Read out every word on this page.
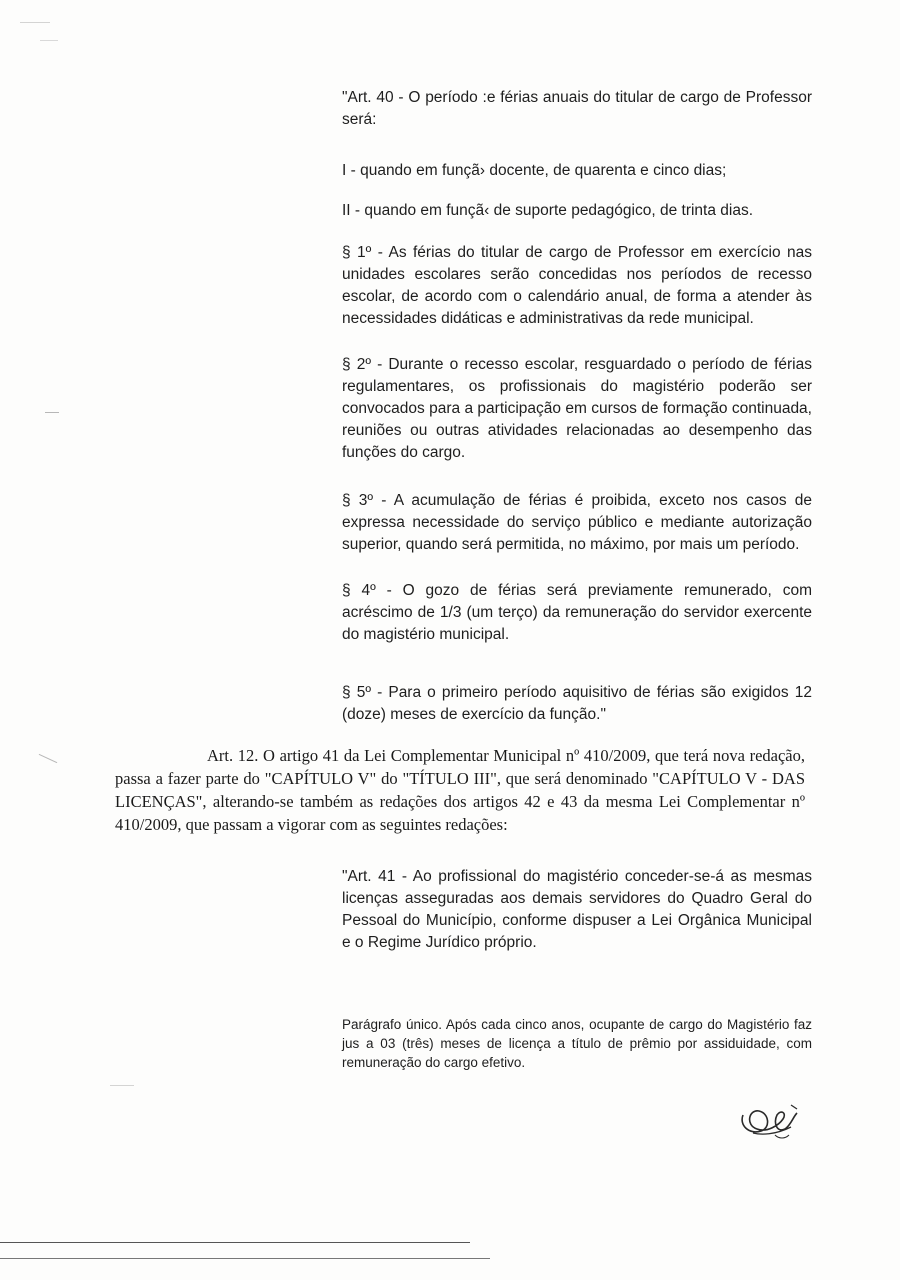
"Art. 40 - O período :e férias anuais do titular de cargo de Professor será:

I - quando em funçã› docente, de quarenta e cinco dias;

II - quando em funçã‹ de suporte pedagógico, de trinta dias.

§ 1º - As férias do titular de cargo de Professor em exercício nas unidades escolares serão concedidas nos períodos de recesso escolar, de acordo com o calendário anual, de forma a atender às necessidades didáticas e administrativas da rede municipal.

§ 2º - Durante o recesso escolar, resguardado o período de férias regulamentares, os profissionais do magistério poderão ser convocados para a participação em cursos de formação continuada, reuniões ou outras atividades relacionadas ao desempenho das funções do cargo.

§ 3º - A acumulação de férias é proibida, exceto nos casos de expressa necessidade do serviço público e mediante autorização superior, quando será permitida, no máximo, por mais um período.

§ 4º - O gozo de férias será previamente remunerado, com acréscimo de 1/3 (um terço) da remuneração do servidor exercente do magistério municipal.

§ 5º - Para o primeiro período aquisitivo de férias são exigidos 12 (doze) meses de exercício da função."

Art. 12. O artigo 41 da Lei Complementar Municipal nº 410/2009, que terá nova redação, passa a fazer parte do "CAPÍTULO V" do "TÍTULO III", que será denominado "CAPÍTULO V - DAS LICENÇAS", alterando-se também as redações dos artigos 42 e 43 da mesma Lei Complementar nº 410/2009, que passam a vigorar com as seguintes redações:

"Art. 41 - Ao profissional do magistério conceder-se-á as mesmas licenças asseguradas aos demais servidores do Quadro Geral do Pessoal do Município, conforme dispuser a Lei Orgânica Municipal e o Regime Jurídico próprio.

Parágrafo único. Após cada cinco anos, ocupante de cargo do Magistério faz jus a 03 (três) meses de licença a título de prêmio por assiduidade, com remuneração do cargo efetivo.
